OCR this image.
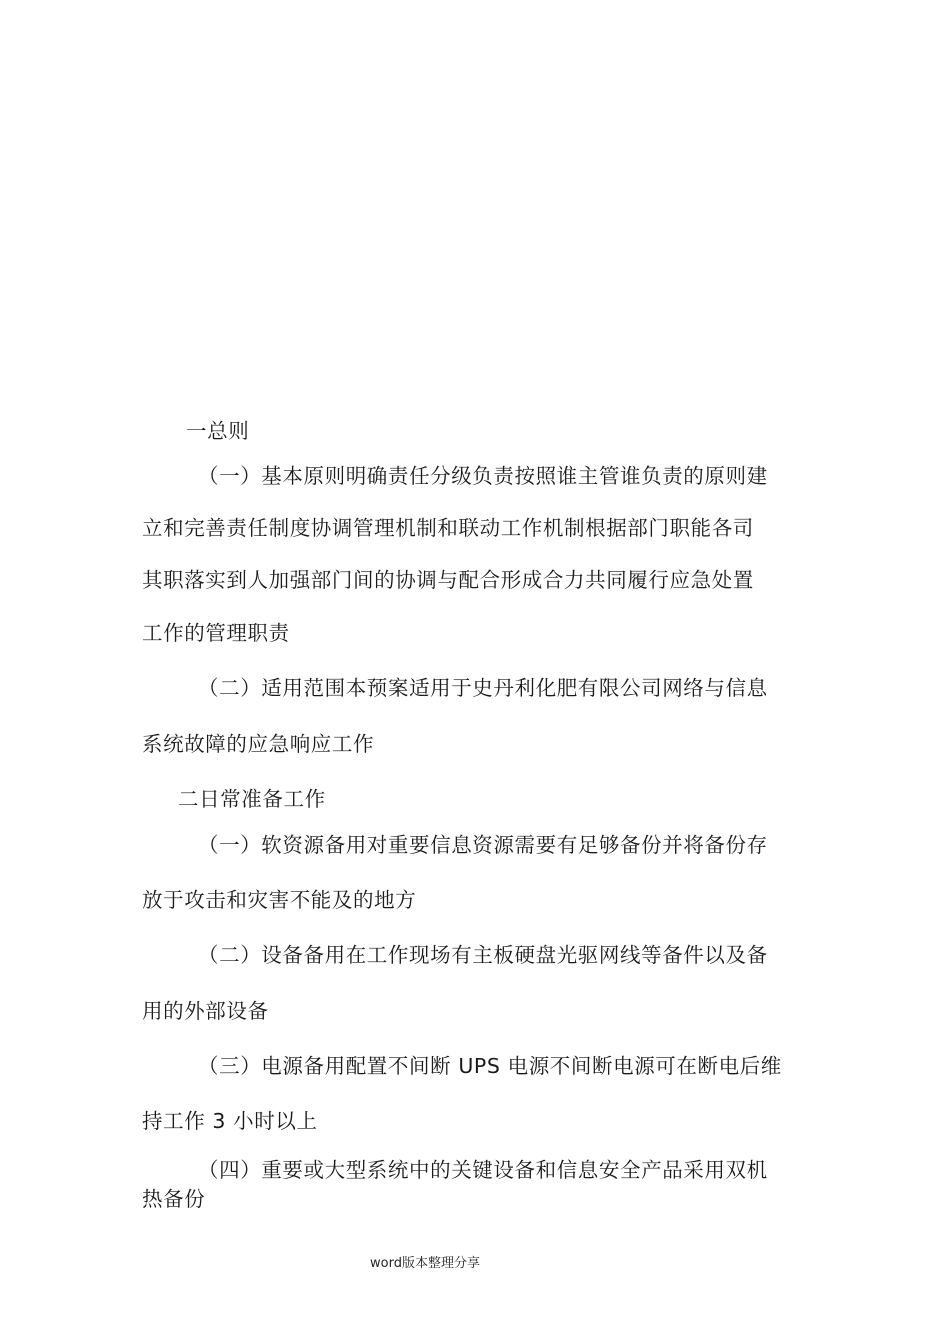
一总则
（一）基本原则明确责任分级负责按照谁主管谁负责的原则建
立和完善责任制度协调管理机制和联动工作机制根据部门职能各司
其职落实到人加强部门间的协调与配合形成合力共同履行应急处置
工作的管理职责
（二）适用范围本预案适用于史丹利化肥有限公司网络与信息
系统故障的应急响应工作
二日常准备工作
（一）软资源备用对重要信息资源需要有足够备份并将备份存
放于攻击和灾害不能及的地方
（二）设备备用在工作现场有主板硬盘光驱网线等备件以及备
用的外部设备
（三）电源备用配置不间断 UPS 电源不间断电源可在断电后维
持工作 3 小时以上
（四）重要或大型系统中的关键设备和信息安全产品采用双机
热备份
word版本整理分享
